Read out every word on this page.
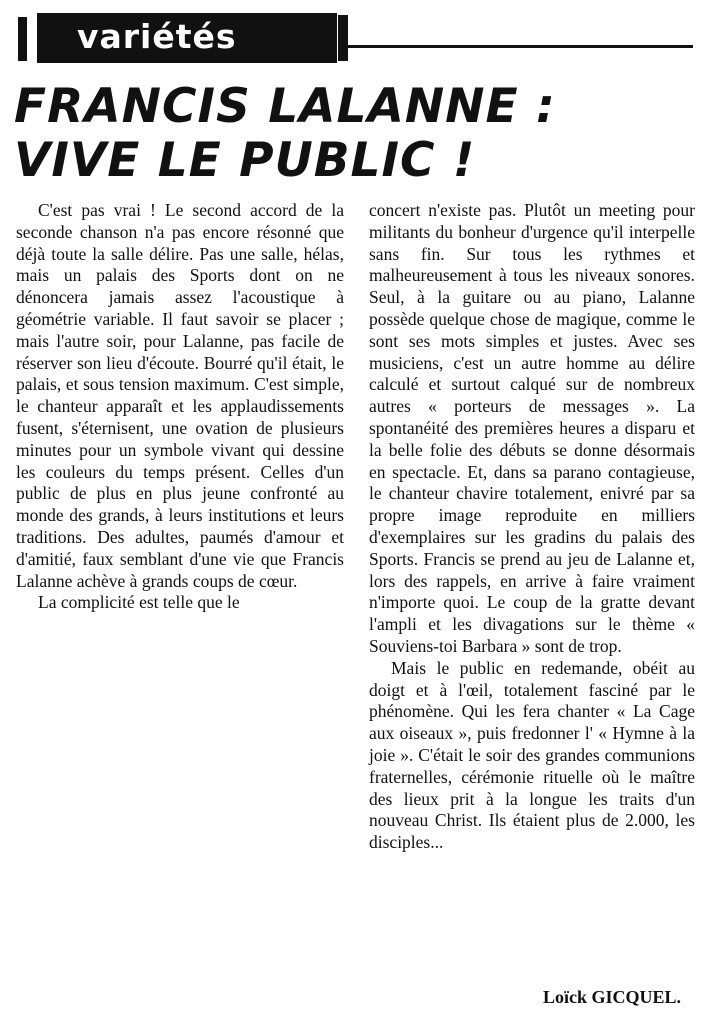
variétés
FRANCIS LALANNE :
VIVE LE PUBLIC !

C'est pas vrai ! Le second accord de la seconde chanson n'a pas encore résonné que déjà toute la salle délire. Pas une salle, hélas, mais un palais des Sports dont on ne dénoncera jamais assez l'acoustique à géométrie variable. Il faut savoir se placer ; mais l'autre soir, pour Lalanne, pas facile de réserver son lieu d'écoute. Bourré qu'il était, le palais, et sous tension maximum. C'est simple, le chanteur apparaît et les applaudissements fusent, s'éternisent, une ovation de plusieurs minutes pour un symbole vivant qui dessine les couleurs du temps présent. Celles d'un public de plus en plus jeune confronté au monde des grands, à leurs institutions et leurs traditions. Des adultes, paumés d'amour et d'amitié, faux semblant d'une vie que Francis Lalanne achève à grands coups de cœur.

La complicité est telle que le

concert n'existe pas. Plutôt un meeting pour militants du bonheur d'urgence qu'il interpelle sans fin. Sur tous les rythmes et malheureusement à tous les niveaux sonores. Seul, à la guitare ou au piano, Lalanne possède quelque chose de magique, comme le sont ses mots simples et justes. Avec ses musiciens, c'est un autre homme au délire calculé et surtout calqué sur de nombreux autres « porteurs de messages ». La spontanéité des premières heures a disparu et la belle folie des débuts se donne désormais en spectacle. Et, dans sa parano contagieuse, le chanteur chavire totalement, enivré par sa propre image reproduite en milliers d'exemplaires sur les gradins du palais des Sports. Francis se prend au jeu de Lalanne et, lors des rappels, en arrive à faire vraiment n'importe quoi. Le coup de la gratte devant l'ampli et les divagations sur le thème « Souviens-toi Barbara » sont de trop.

Mais le public en redemande, obéit au doigt et à l'œil, totalement fasciné par le phénomène. Qui les fera chanter « La Cage aux oiseaux », puis fredonner l' « Hymne à la joie ». C'était le soir des grandes communions fraternelles, cérémonie rituelle où le maître des lieux prit à la longue les traits d'un nouveau Christ. Ils étaient plus de 2.000, les disciples...

Loïck GICQUEL.
